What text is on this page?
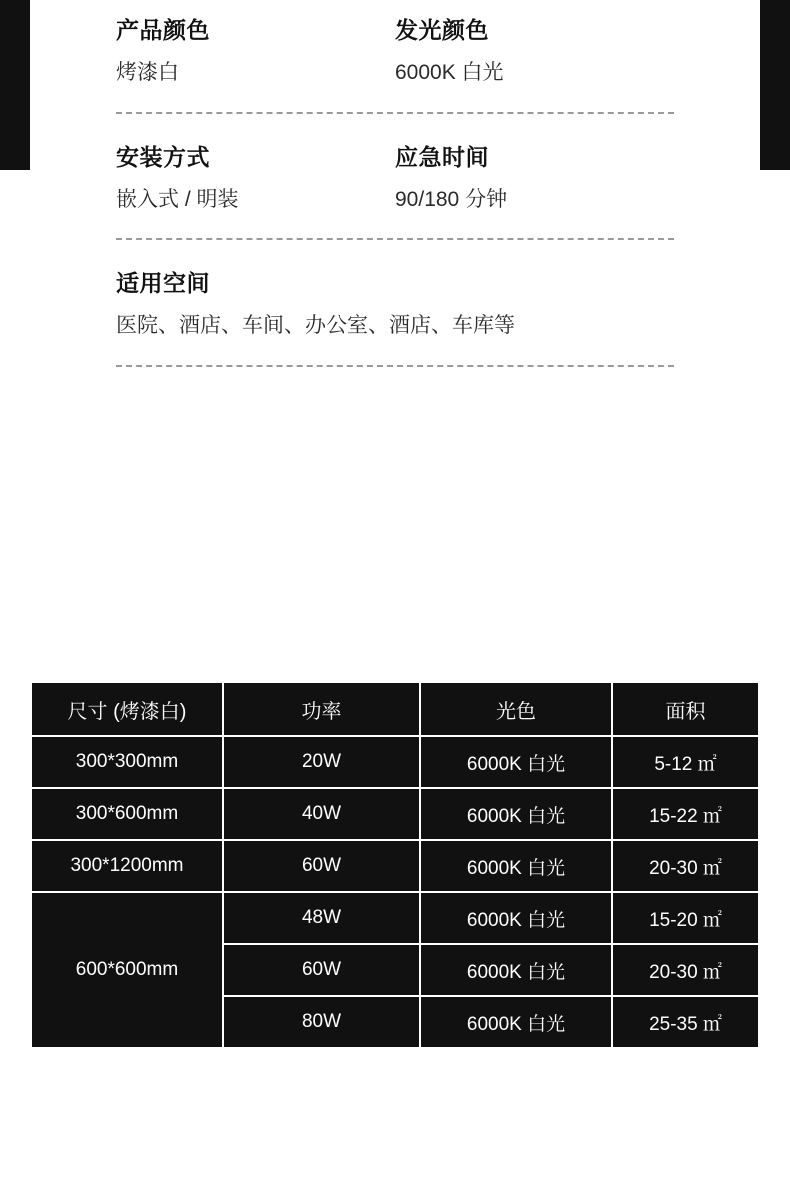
产品颜色
烤漆白
发光颜色
6000K 白光
安装方式
嵌入式 / 明装
应急时间
90/180 分钟
适用空间
医院、酒店、车间、办公室、酒店、车库等
尺寸 (烤漆白)	功率	光色	面积
300*300mm	20W	6000K 白光	5-12 ㎡
300*600mm	40W	6000K 白光	15-22 ㎡
300*1200mm	60W	6000K 白光	20-30 ㎡
600*600mm	48W	6000K 白光	15-20 ㎡
	60W	6000K 白光	20-30 ㎡
	80W	6000K 白光	25-35 ㎡
